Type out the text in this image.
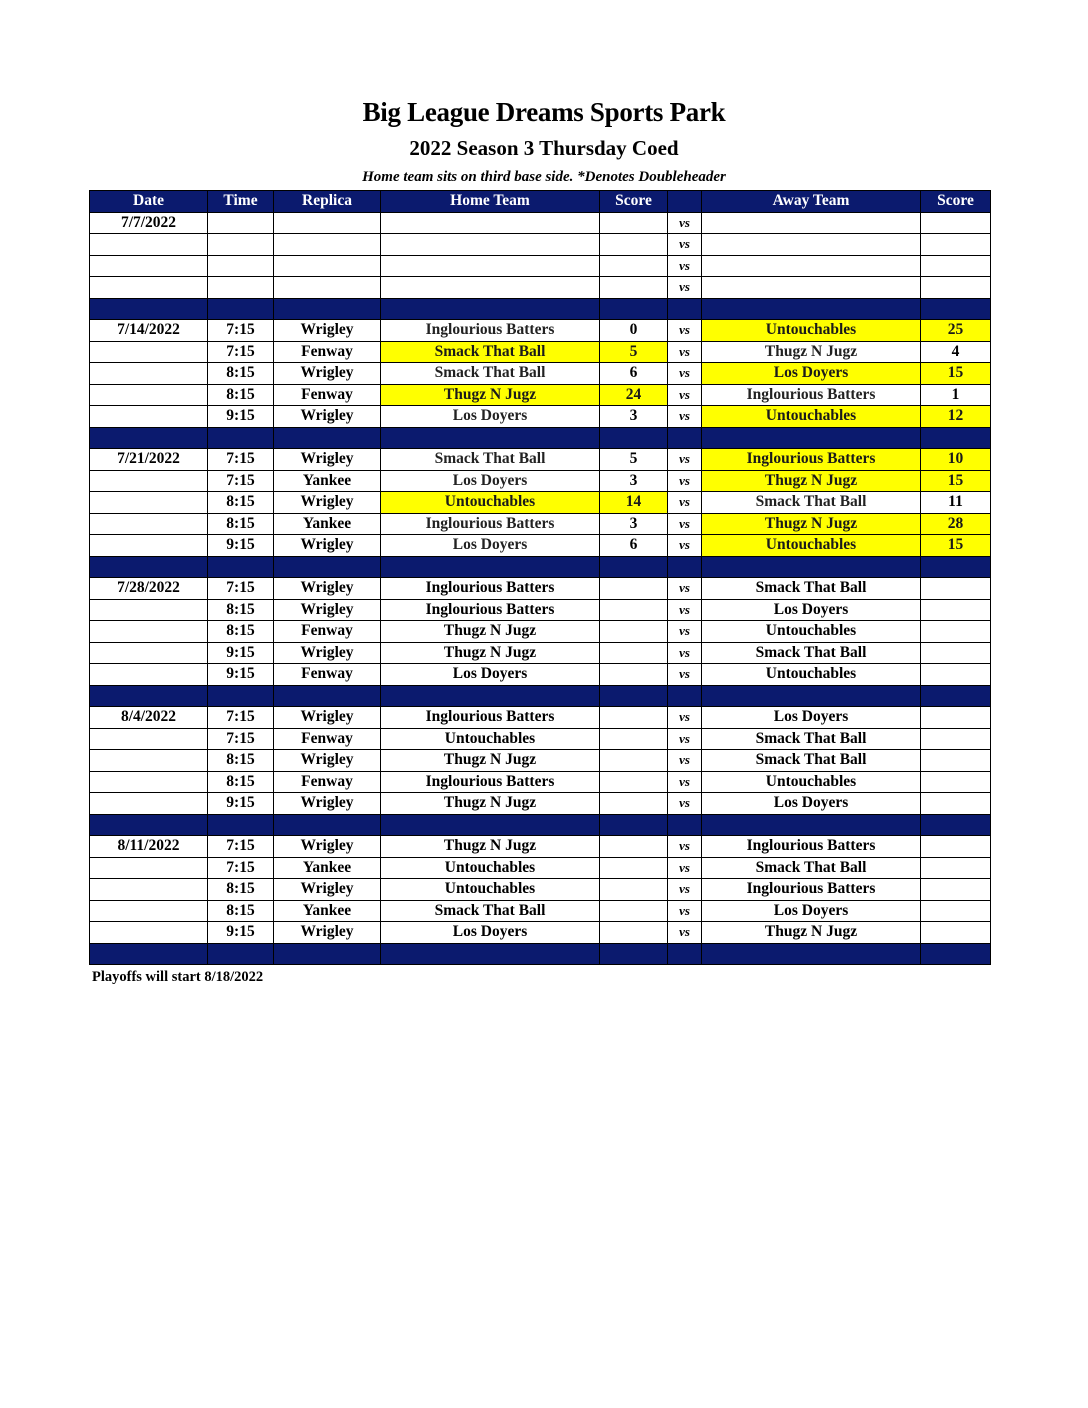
Big League Dreams Sports Park
2022 Season 3 Thursday Coed
Home team sits on third base side. *Denotes Doubleheader
Date	Time	Replica	Home Team	Score		Away Team	Score
7/7/2022					vs		
					vs		
					vs		
					vs		

7/14/2022	7:15	Wrigley	Inglourious Batters	0	vs	Untouchables	25
	7:15	Fenway	Smack That Ball	5	vs	Thugz N Jugz	4
	8:15	Wrigley	Smack That Ball	6	vs	Los Doyers	15
	8:15	Fenway	Thugz N Jugz	24	vs	Inglourious Batters	1
	9:15	Wrigley	Los Doyers	3	vs	Untouchables	12

7/21/2022	7:15	Wrigley	Smack That Ball	5	vs	Inglourious Batters	10
	7:15	Yankee	Los Doyers	3	vs	Thugz N Jugz	15
	8:15	Wrigley	Untouchables	14	vs	Smack That Ball	11
	8:15	Yankee	Inglourious Batters	3	vs	Thugz N Jugz	28
	9:15	Wrigley	Los Doyers	6	vs	Untouchables	15

7/28/2022	7:15	Wrigley	Inglourious Batters		vs	Smack That Ball	
	8:15	Wrigley	Inglourious Batters		vs	Los Doyers	
	8:15	Fenway	Thugz N Jugz		vs	Untouchables	
	9:15	Wrigley	Thugz N Jugz		vs	Smack That Ball	
	9:15	Fenway	Los Doyers		vs	Untouchables	

8/4/2022	7:15	Wrigley	Inglourious Batters		vs	Los Doyers	
	7:15	Fenway	Untouchables		vs	Smack That Ball	
	8:15	Wrigley	Thugz N Jugz		vs	Smack That Ball	
	8:15	Fenway	Inglourious Batters		vs	Untouchables	
	9:15	Wrigley	Thugz N Jugz		vs	Los Doyers	

8/11/2022	7:15	Wrigley	Thugz N Jugz		vs	Inglourious Batters	
	7:15	Yankee	Untouchables		vs	Smack That Ball	
	8:15	Wrigley	Untouchables		vs	Inglourious Batters	
	8:15	Yankee	Smack That Ball		vs	Los Doyers	
	9:15	Wrigley	Los Doyers		vs	Thugz N Jugz	

Playoffs will start 8/18/2022
